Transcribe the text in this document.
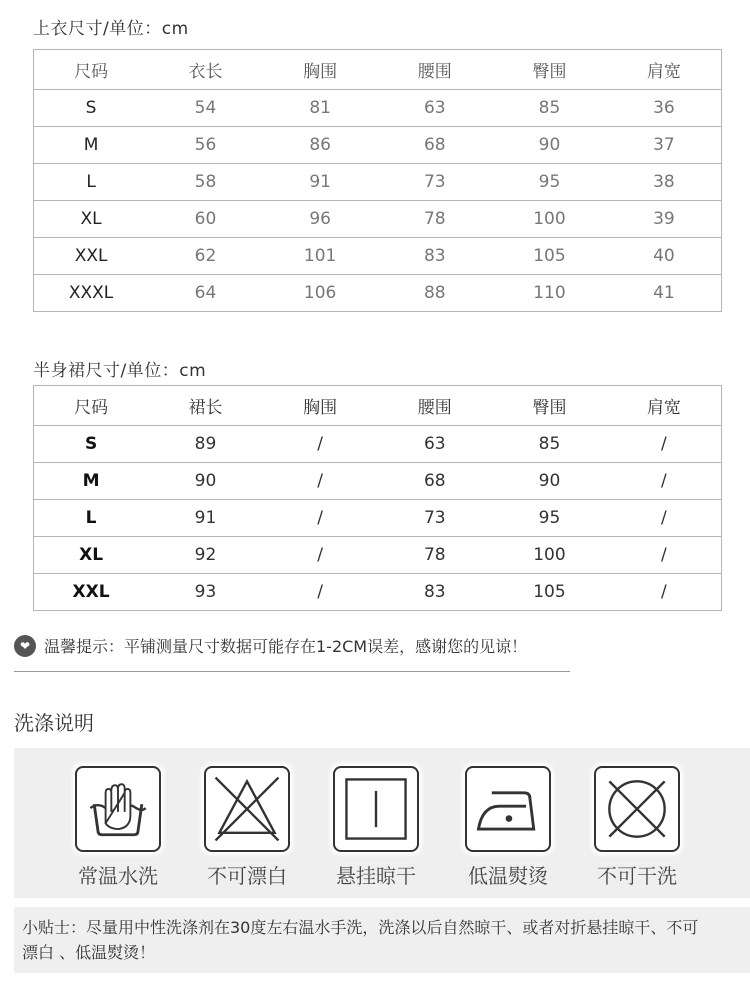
上衣尺寸/单位：cm
尺码	衣长	胸围	腰围	臀围	肩宽
S	54	81	63	85	36
M	56	86	68	90	37
L	58	91	73	95	38
XL	60	96	78	100	39
XXL	62	101	83	105	40
XXXL	64	106	88	110	41
半身裙尺寸/单位：cm
尺码	裙长	胸围	腰围	臀围	肩宽
S	89	/	63	85	/
M	90	/	68	90	/
L	91	/	73	95	/
XL	92	/	78	100	/
XXL	93	/	83	105	/
❤ 温馨提示：平铺测量尺寸数据可能存在1-2CM误差，感谢您的见谅！
洗涤说明
常温水洗	不可漂白	悬挂晾干	低温熨烫	不可干洗
小贴士：尽量用中性洗涤剂在30度左右温水手洗，洗涤以后自然晾干、或者对折悬挂晾干、不可漂白 、低温熨烫！
